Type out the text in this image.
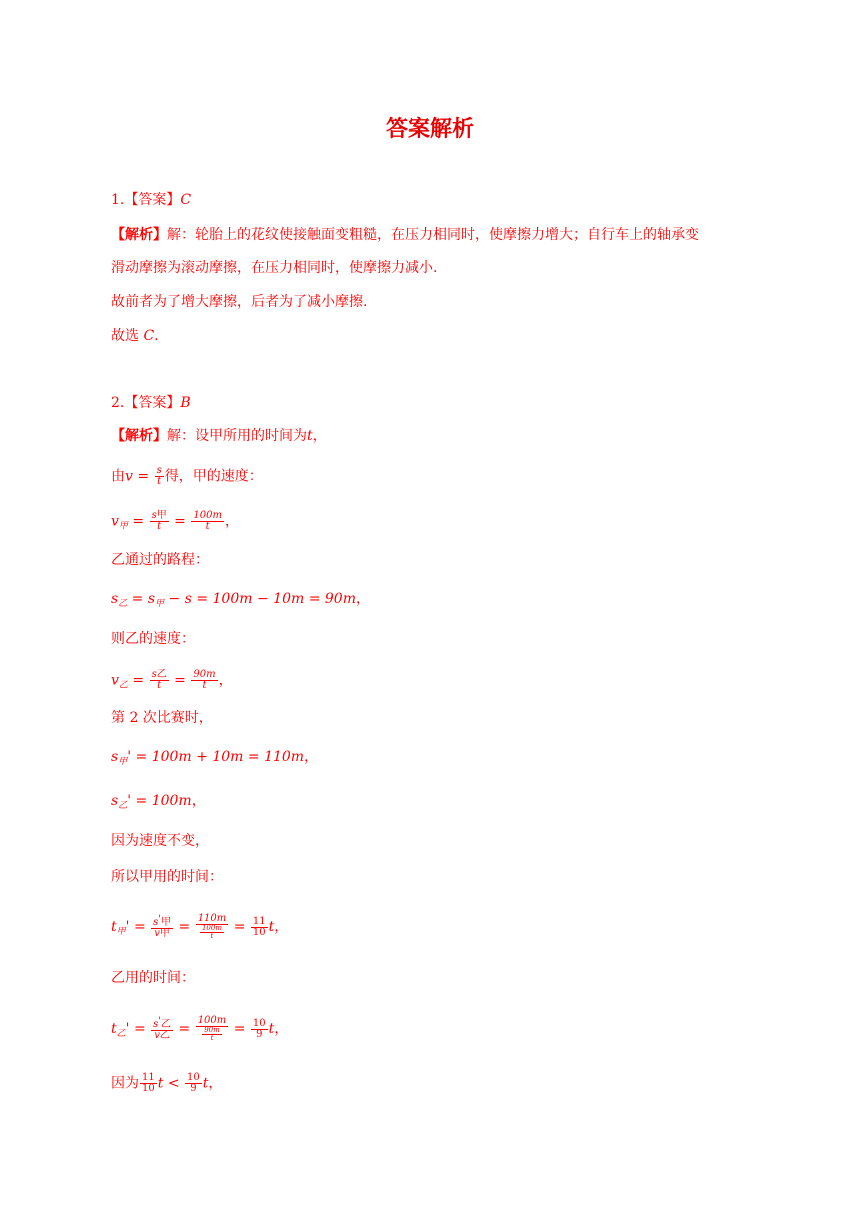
答案解析
1.【答案】C
【解析】解：轮胎上的花纹使接触面变粗糙，在压力相同时，使摩擦力增大；自行车上的轴承变
滑动摩擦为滚动摩擦，在压力相同时，使摩擦力减小.
故前者为了增大摩擦，后者为了减小摩擦.
故选 C.
2.【答案】B
【解析】解：设甲所用的时间为t，
由$v = \frac{s}{t}$ 得，甲的速度：
$v_甲 = \frac{\text{s甲}}{t} = \frac{100m}{t}$ ，
乙通过的路程：
$s_乙 = s_甲 - s = 100m - 10m = 90m$，
则乙的速度：
$v_乙 = \frac{\text{s乙}}{t} = \frac{90m}{t}$ ，
第 2 次比赛时，
$s_甲' = 100m + 10m = 110m$，
$s_乙' = 100m$，
因为速度不变，
所以甲用的时间：
$t_甲' = \frac{s'甲}{\text{v甲}} = \frac{110m}{\frac{100m}{t}} = \frac{11}{10}$ t，
乙用的时间：
$t_乙' = \frac{s'乙}{\text{v乙}} = \frac{100m}{\frac{90m}{t}} = \frac{10}{9}$ t，
因为 $\frac{11}{10}$ $t < \frac{10}{9}$ t，
